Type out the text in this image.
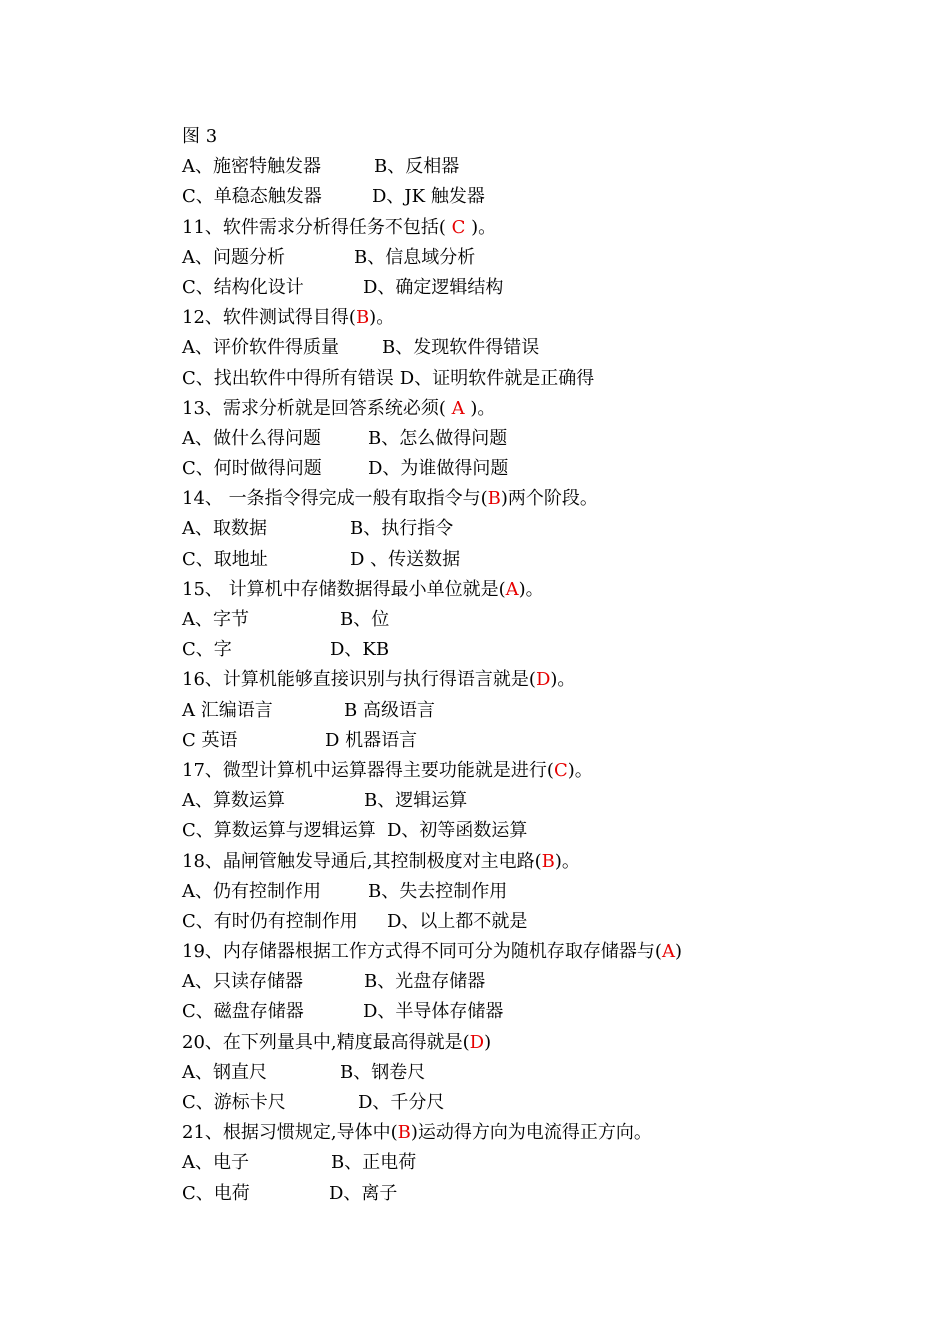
图 3
A、施密特触发器	B、反相器
C、单稳态触发器	D、JK 触发器
11、软件需求分析得任务不包括( C )。
A、问题分析	B、信息域分析
C、结构化设计	D、确定逻辑结构
12、软件测试得目得(B)。
A、评价软件得质量 B、发现软件得错误
C、找出软件中得所有错误 D、证明软件就是正确得
13、需求分析就是回答系统必须( A )。
A、做什么得问题	B、怎么做得问题
C、何时做得问题	D、为谁做得问题
14、 一条指令得完成一般有取指令与(B)两个阶段。
A、取数据	B、执行指令
C、取地址	D 、传送数据
15、 计算机中存储数据得最小单位就是(A)。
A、字节	B、位
C、字	D、KB
16、计算机能够直接识别与执行得语言就是(D)。
A 汇编语言	B 高级语言
C 英语	D 机器语言
17、微型计算机中运算器得主要功能就是进行(C)。
A、算数运算	B、逻辑运算
C、算数运算与逻辑运算 D、初等函数运算
18、晶闸管触发导通后,其控制极度对主电路(B)。
A、仍有控制作用	B、失去控制作用
C、有时仍有控制作用 D、以上都不就是
19、内存储器根据工作方式得不同可分为随机存取存储器与(A)
A、只读存储器	B、光盘存储器
C、磁盘存储器	D、半导体存储器
20、在下列量具中,精度最高得就是(D)
A、钢直尺	B、钢卷尺
C、游标卡尺	D、千分尺
21、根据习惯规定,导体中(B)运动得方向为电流得正方向。
A、电子	B、正电荷
C、电荷	D、离子
